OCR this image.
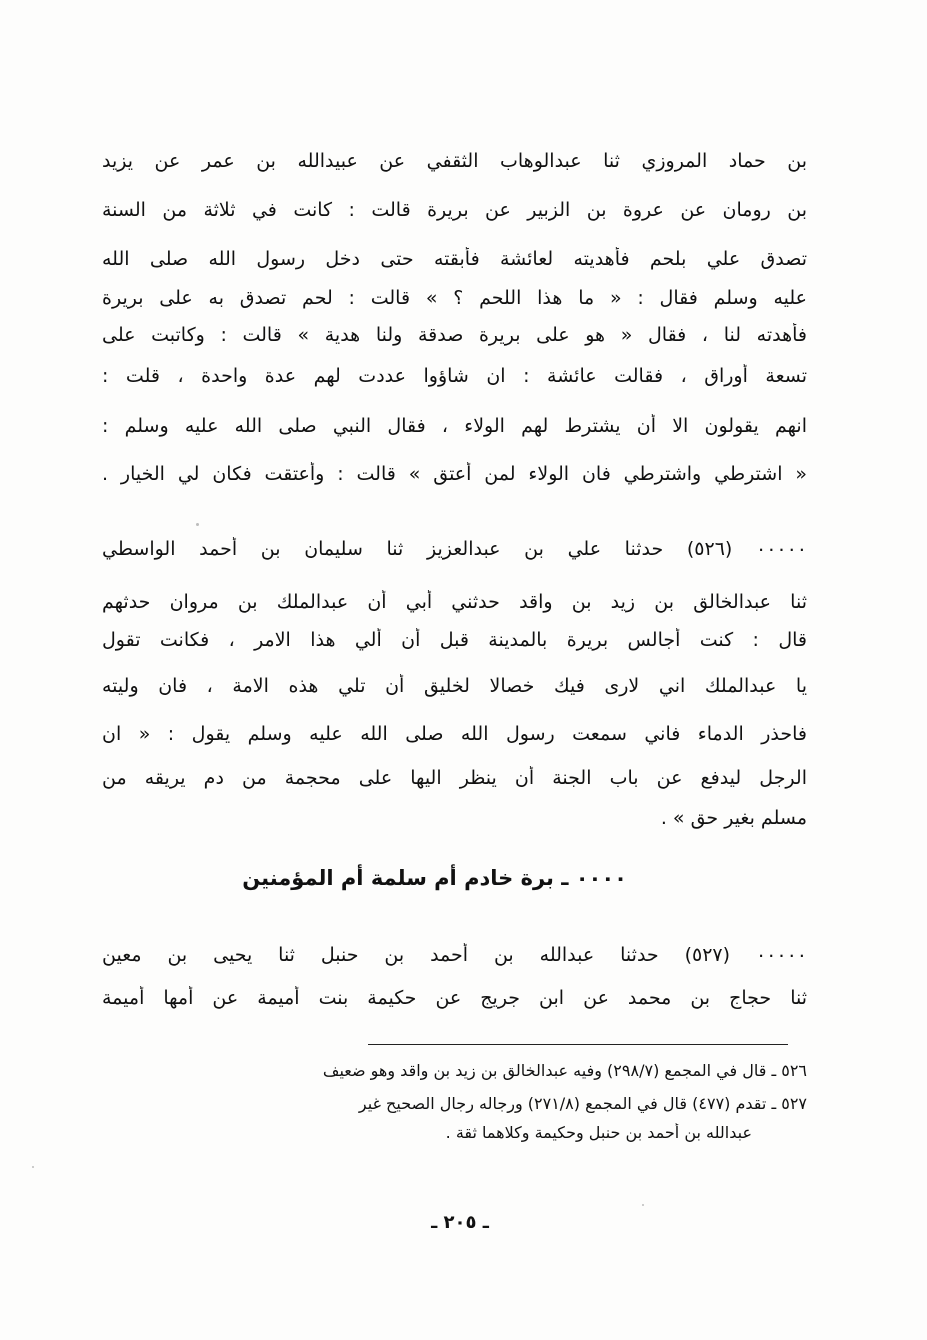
بن حماد المروزي ثنا عبدالوهاب الثقفي عن عبيدالله بن عمر عن يزيد
بن رومان عن عروة بن الزبير عن بريرة قالت : كانت في ثلاثة من السنة
تصدق علي بلحم فأهديته لعائشة فأبقته حتى دخل رسول الله صلى الله
عليه وسلم فقال : « ما هذا اللحم ؟ » قالت : لحم تصدق به على بريرة
فأهدته لنا ، فقال « هو على بريرة صدقة ولنا هدية » قالت : وكاتبت على
تسعة أوراق ، فقالت عائشة : ان شاؤوا عددت لهم عدة واحدة ، قلت :
انهم يقولون الا أن يشترط لهم الولاء ، فقال النبي صلى الله عليه وسلم :
« اشترطي واشترطي فان الولاء لمن أعتق » قالت : وأعتقت فكان لي الخيار .
٠٠٠٠٠ (٥٢٦) حدثنا علي بن عبدالعزيز ثنا سليمان بن أحمد الواسطي
ثنا عبدالخالق بن زيد بن واقد حدثني أبي أن عبدالملك بن مروان حدثهم
قال : كنت أجالس بريرة بالمدينة قبل أن ألي هذا الامر ، فكانت تقول
يا عبدالملك اني لارى فيك خصالا لخليق أن تلي هذه الامة ، فان وليته
فاحذر الدماء فاني سمعت رسول الله صلى الله عليه وسلم يقول : « ان
الرجل ليدفع عن باب الجنة أن ينظر اليها على محجمة من دم يريقه من
مسلم بغير حق » .
٠٠٠٠ ـ برة خادم أم سلمة أم المؤمنين
٠٠٠٠٠ (٥٢٧) حدثنا عبدالله بن أحمد بن حنبل ثنا يحيى بن معين
ثنا حجاج بن محمد عن ابن جريج عن حكيمة بنت أميمة عن أمها أميمة
٥٢٦ ـ قال في المجمع (٢٩٨/٧) وفيه عبدالخالق بن زيد بن واقد وهو ضعيف
٥٢٧ ـ تقدم (٤٧٧) قال في المجمع (٢٧١/٨) ورجاله رجال الصحيح غير
عبدالله بن أحمد بن حنبل وحكيمة وكلاهما ثقة .
ـ ٢٠٥ ـ
